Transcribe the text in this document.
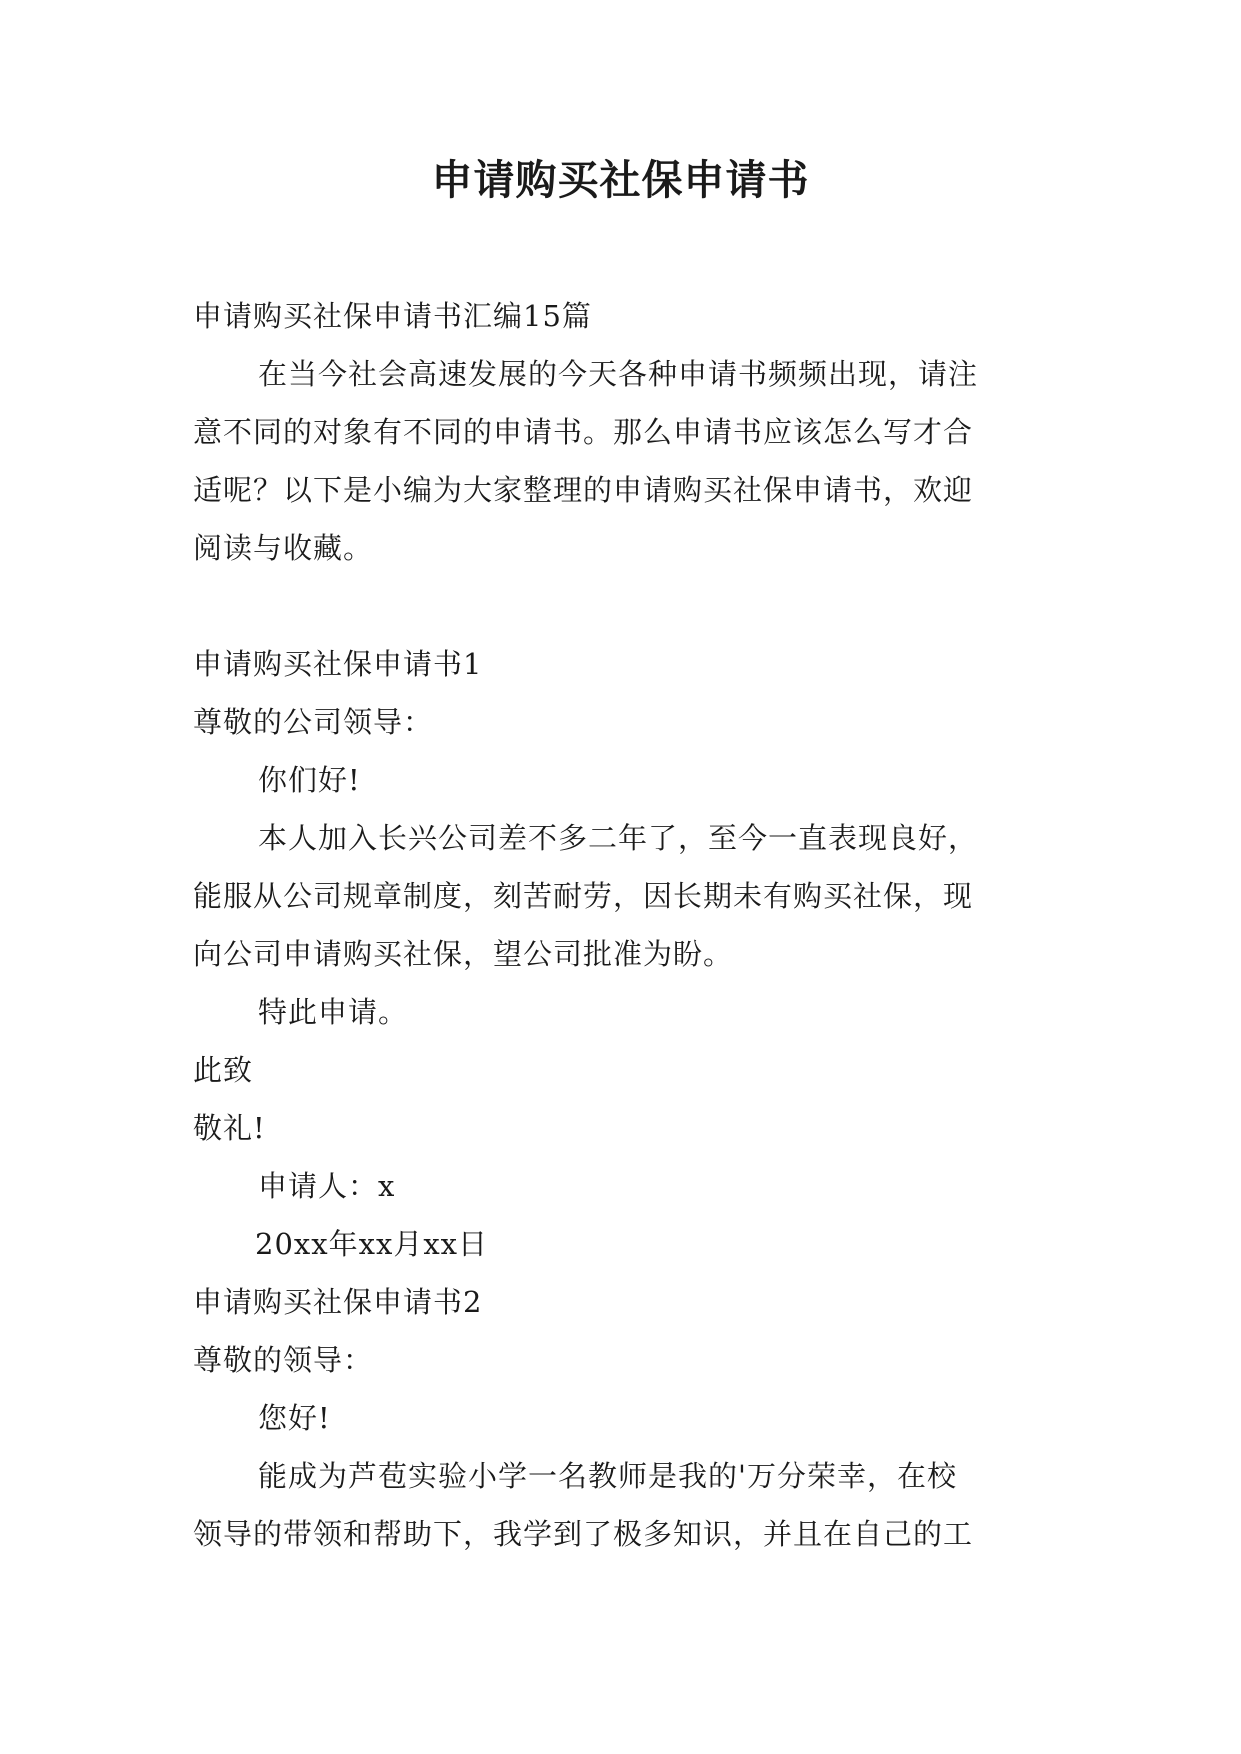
申请购买社保申请书
申请购买社保申请书汇编15篇
在当今社会高速发展的今天各种申请书频频出现，请注
意不同的对象有不同的申请书。那么申请书应该怎么写才合
适呢？以下是小编为大家整理的申请购买社保申请书，欢迎
阅读与收藏。
申请购买社保申请书1
尊敬的公司领导：
你们好!
本人加入长兴公司差不多二年了，至今一直表现良好，
能服从公司规章制度，刻苦耐劳，因长期未有购买社保，现
向公司申请购买社保，望公司批准为盼。
特此申请。
此致
敬礼!
申请人：x
20xx年xx月xx日
申请购买社保申请书2
尊敬的领导：
您好!
能成为芦苞实验小学一名教师是我的'万分荣幸，在校
领导的带领和帮助下，我学到了极多知识，并且在自己的工
